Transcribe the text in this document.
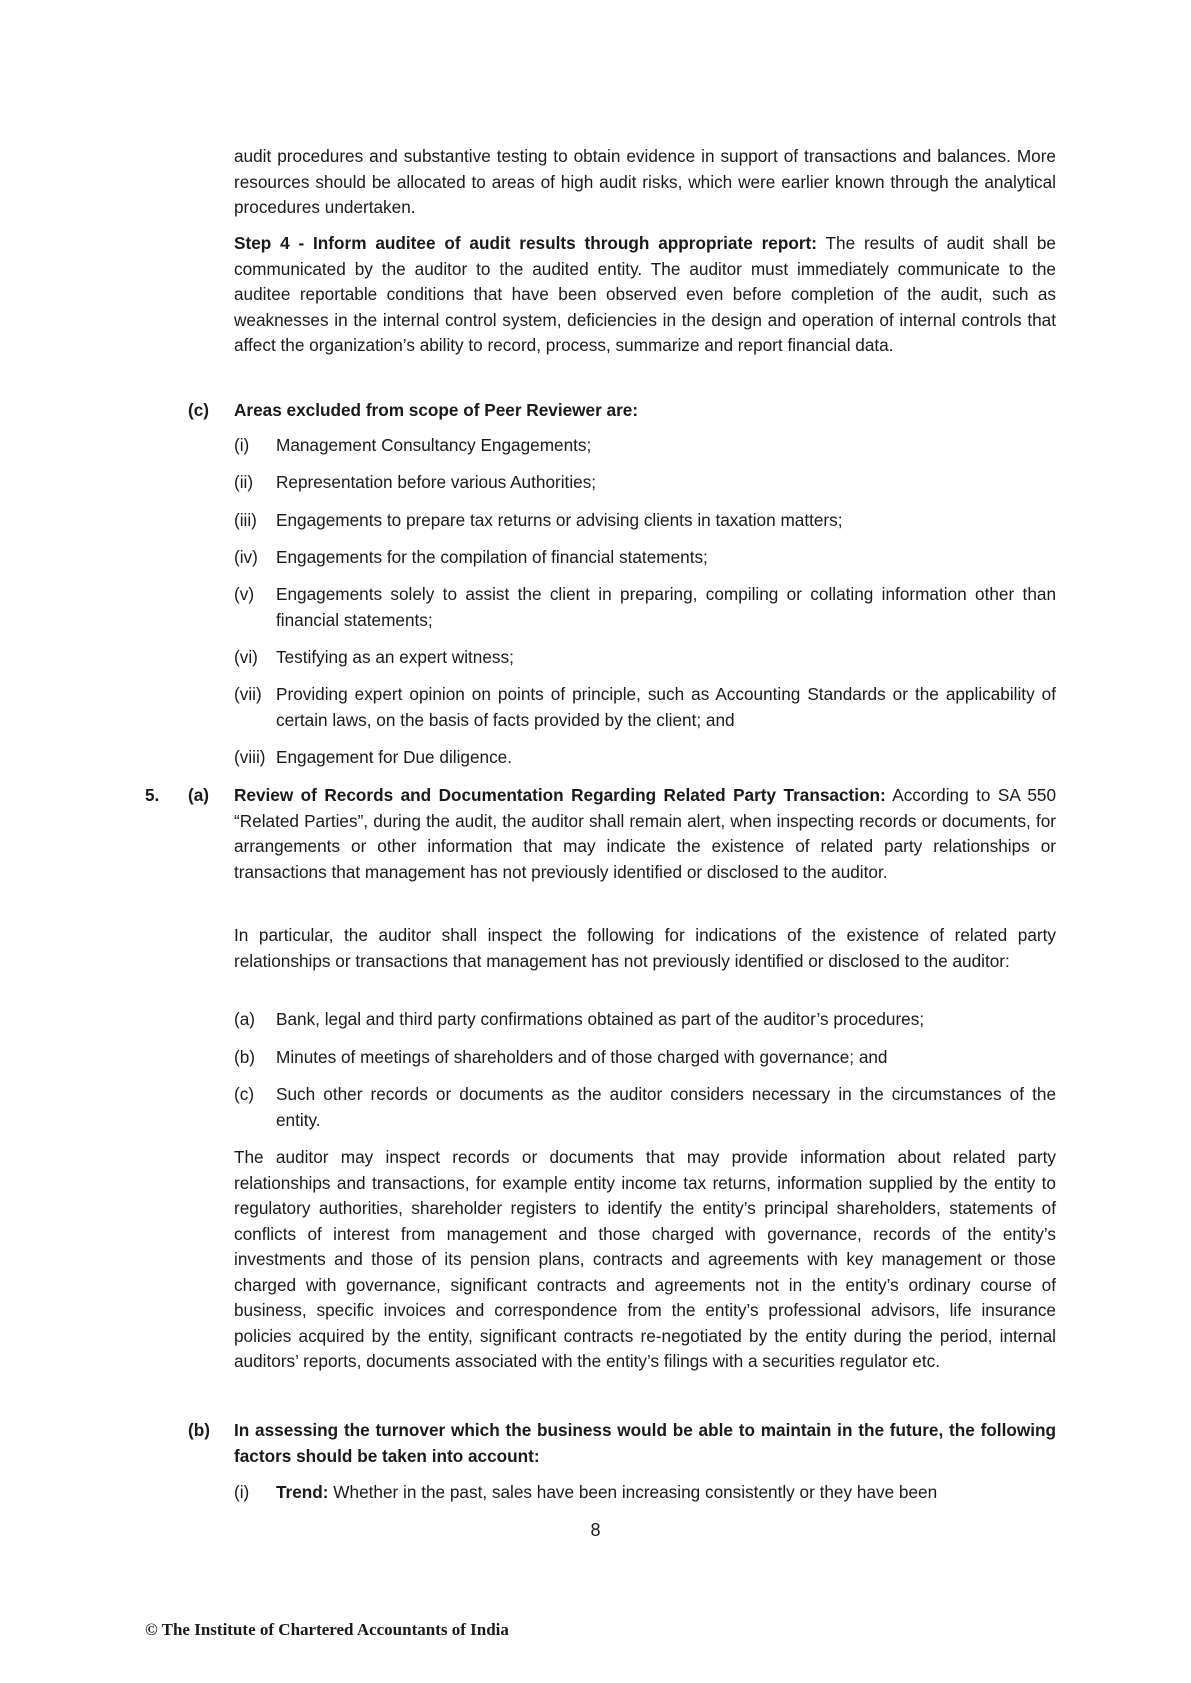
audit procedures and substantive testing to obtain evidence in support of transactions and balances. More resources should be allocated to areas of high audit risks, which were earlier known through the analytical procedures undertaken.
Step 4 - Inform auditee of audit results through appropriate report: The results of audit shall be communicated by the auditor to the audited entity. The auditor must immediately communicate to the auditee reportable conditions that have been observed even before completion of the audit, such as weaknesses in the internal control system, deficiencies in the design and operation of internal controls that affect the organization’s ability to record, process, summarize and report financial data.
(c) Areas excluded from scope of Peer Reviewer are:
(i) Management Consultancy Engagements;
(ii) Representation before various Authorities;
(iii) Engagements to prepare tax returns or advising clients in taxation matters;
(iv) Engagements for the compilation of financial statements;
(v) Engagements solely to assist the client in preparing, compiling or collating information other than financial statements;
(vi) Testifying as an expert witness;
(vii) Providing expert opinion on points of principle, such as Accounting Standards or the applicability of certain laws, on the basis of facts provided by the client; and
(viii) Engagement for Due diligence.
5. (a) Review of Records and Documentation Regarding Related Party Transaction: According to SA 550 “Related Parties”, during the audit, the auditor shall remain alert, when inspecting records or documents, for arrangements or other information that may indicate the existence of related party relationships or transactions that management has not previously identified or disclosed to the auditor.
In particular, the auditor shall inspect the following for indications of the existence of related party relationships or transactions that management has not previously identified or disclosed to the auditor:
(a) Bank, legal and third party confirmations obtained as part of the auditor’s procedures;
(b) Minutes of meetings of shareholders and of those charged with governance; and
(c) Such other records or documents as the auditor considers necessary in the circumstances of the entity.
The auditor may inspect records or documents that may provide information about related party relationships and transactions, for example entity income tax returns, information supplied by the entity to regulatory authorities, shareholder registers to identify the entity’s principal shareholders, statements of conflicts of interest from management and those charged with governance, records of the entity’s investments and those of its pension plans, contracts and agreements with key management or those charged with governance, significant contracts and agreements not in the entity’s ordinary course of business, specific invoices and correspondence from the entity’s professional advisors, life insurance policies acquired by the entity, significant contracts re-negotiated by the entity during the period, internal auditors’ reports, documents associated with the entity’s filings with a securities regulator etc.
(b) In assessing the turnover which the business would be able to maintain in the future, the following factors should be taken into account:
(i) Trend: Whether in the past, sales have been increasing consistently or they have been
8
© The Institute of Chartered Accountants of India
